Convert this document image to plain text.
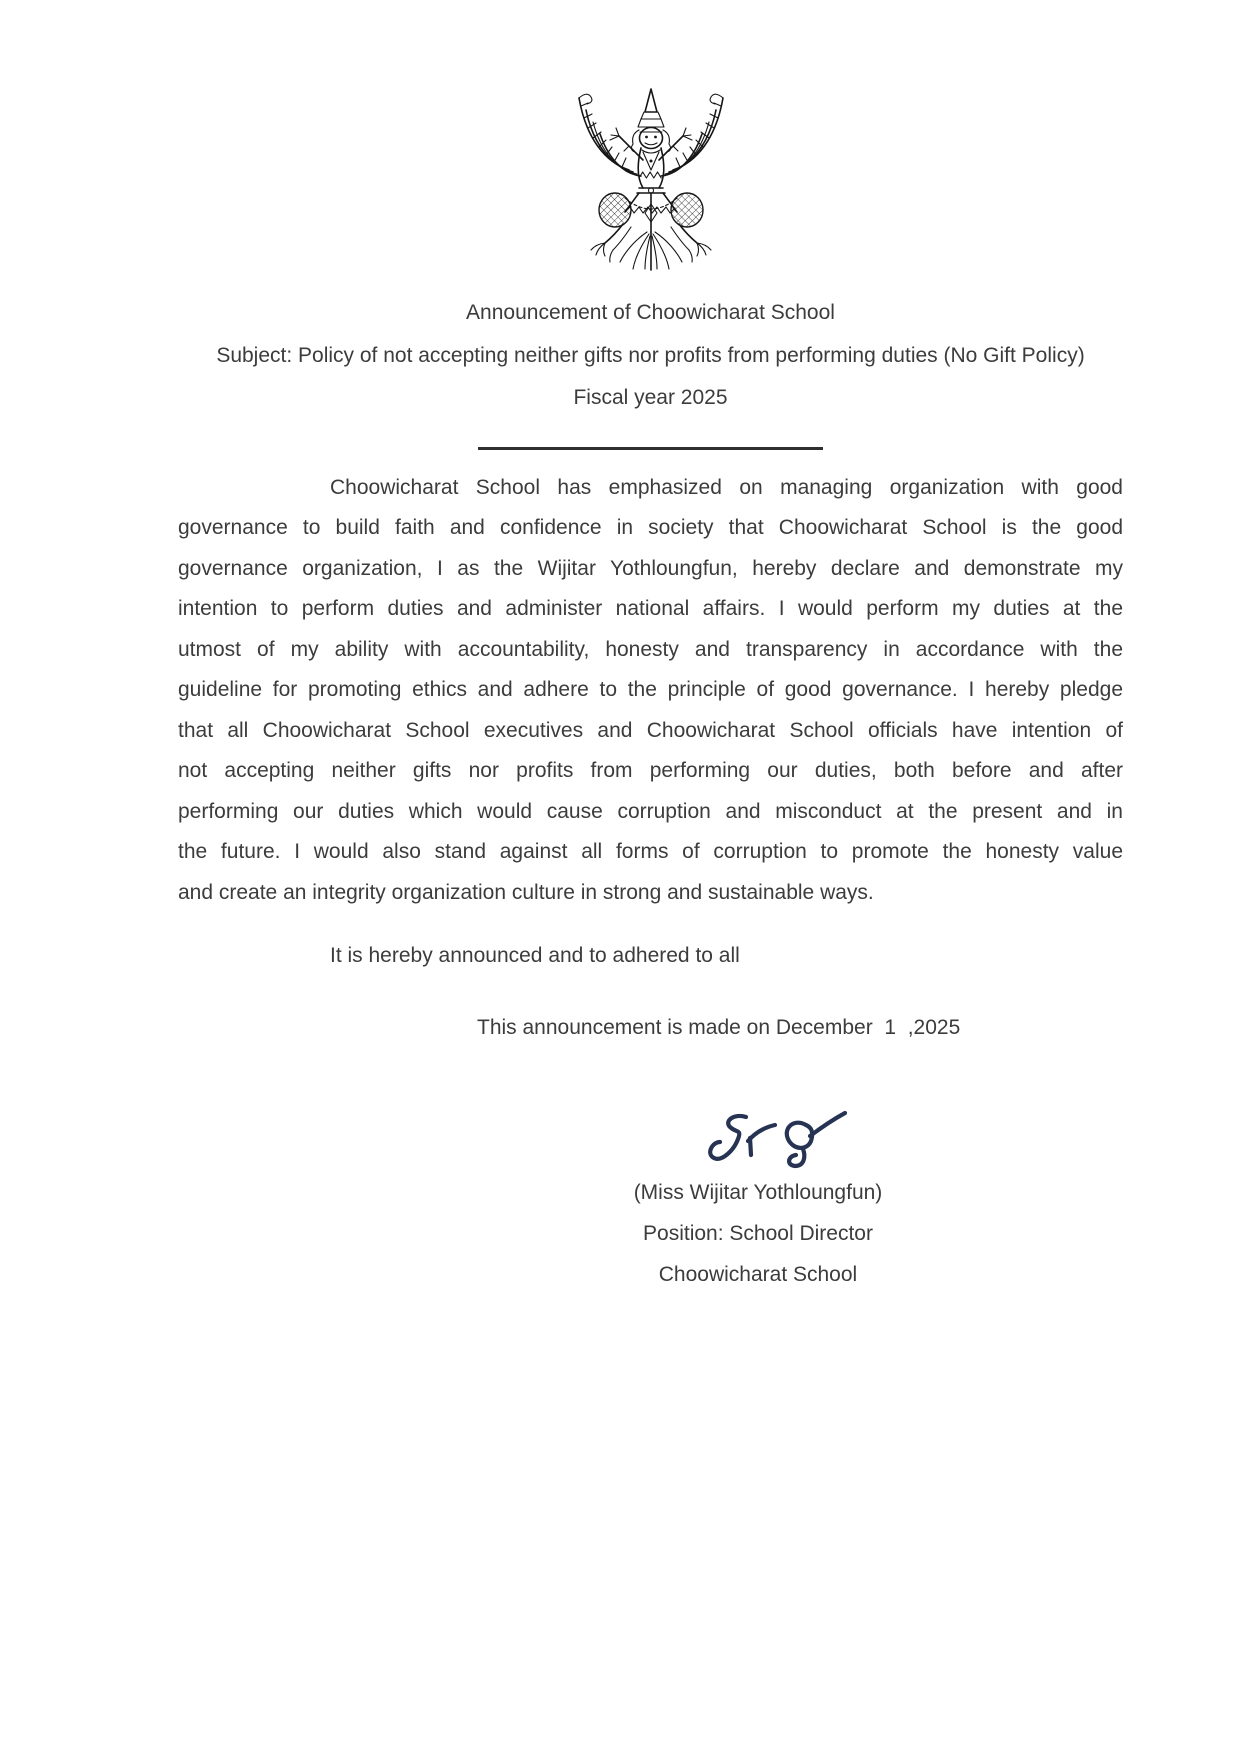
Announcement of Choowicharat School
Subject: Policy of not accepting neither gifts nor profits from performing duties (No Gift Policy)
Fiscal year 2025
Choowicharat School has emphasized on managing organization with good
governance to build faith and confidence in society that Choowicharat School is the good
governance organization, I as the Wijitar Yothloungfun, hereby declare and demonstrate my
intention to perform duties and administer national affairs. I would perform my duties at the
utmost of my ability with accountability, honesty and transparency in accordance with the
guideline for promoting ethics and adhere to the principle of good governance. I hereby pledge
that all Choowicharat School executives and Choowicharat School officials have intention of
not accepting neither gifts nor profits from performing our duties, both before and after
performing our duties which would cause corruption and misconduct at the present and in
the future. I would also stand against all forms of corruption to promote the honesty value
and create an integrity organization culture in strong and sustainable ways.
It is hereby announced and to adhered to all
This announcement is made on December  1  ,2025
(Miss Wijitar Yothloungfun)
Position: School Director
Choowicharat School
